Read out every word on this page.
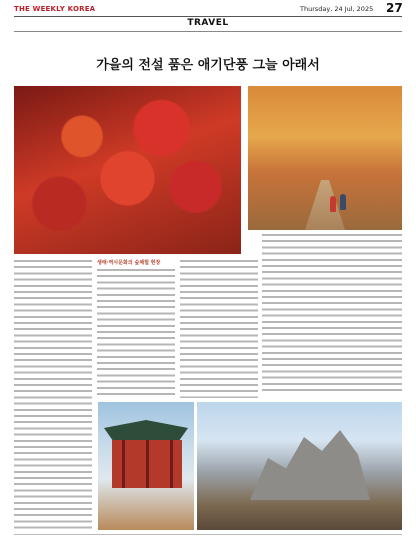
THE WEEKLY KOREA	Thursday, 24 Jul, 2025 27
TRAVEL
가을의 전설 품은 애기단풍 그늘 아래서
생태·역사문화의 숲체험 현장
